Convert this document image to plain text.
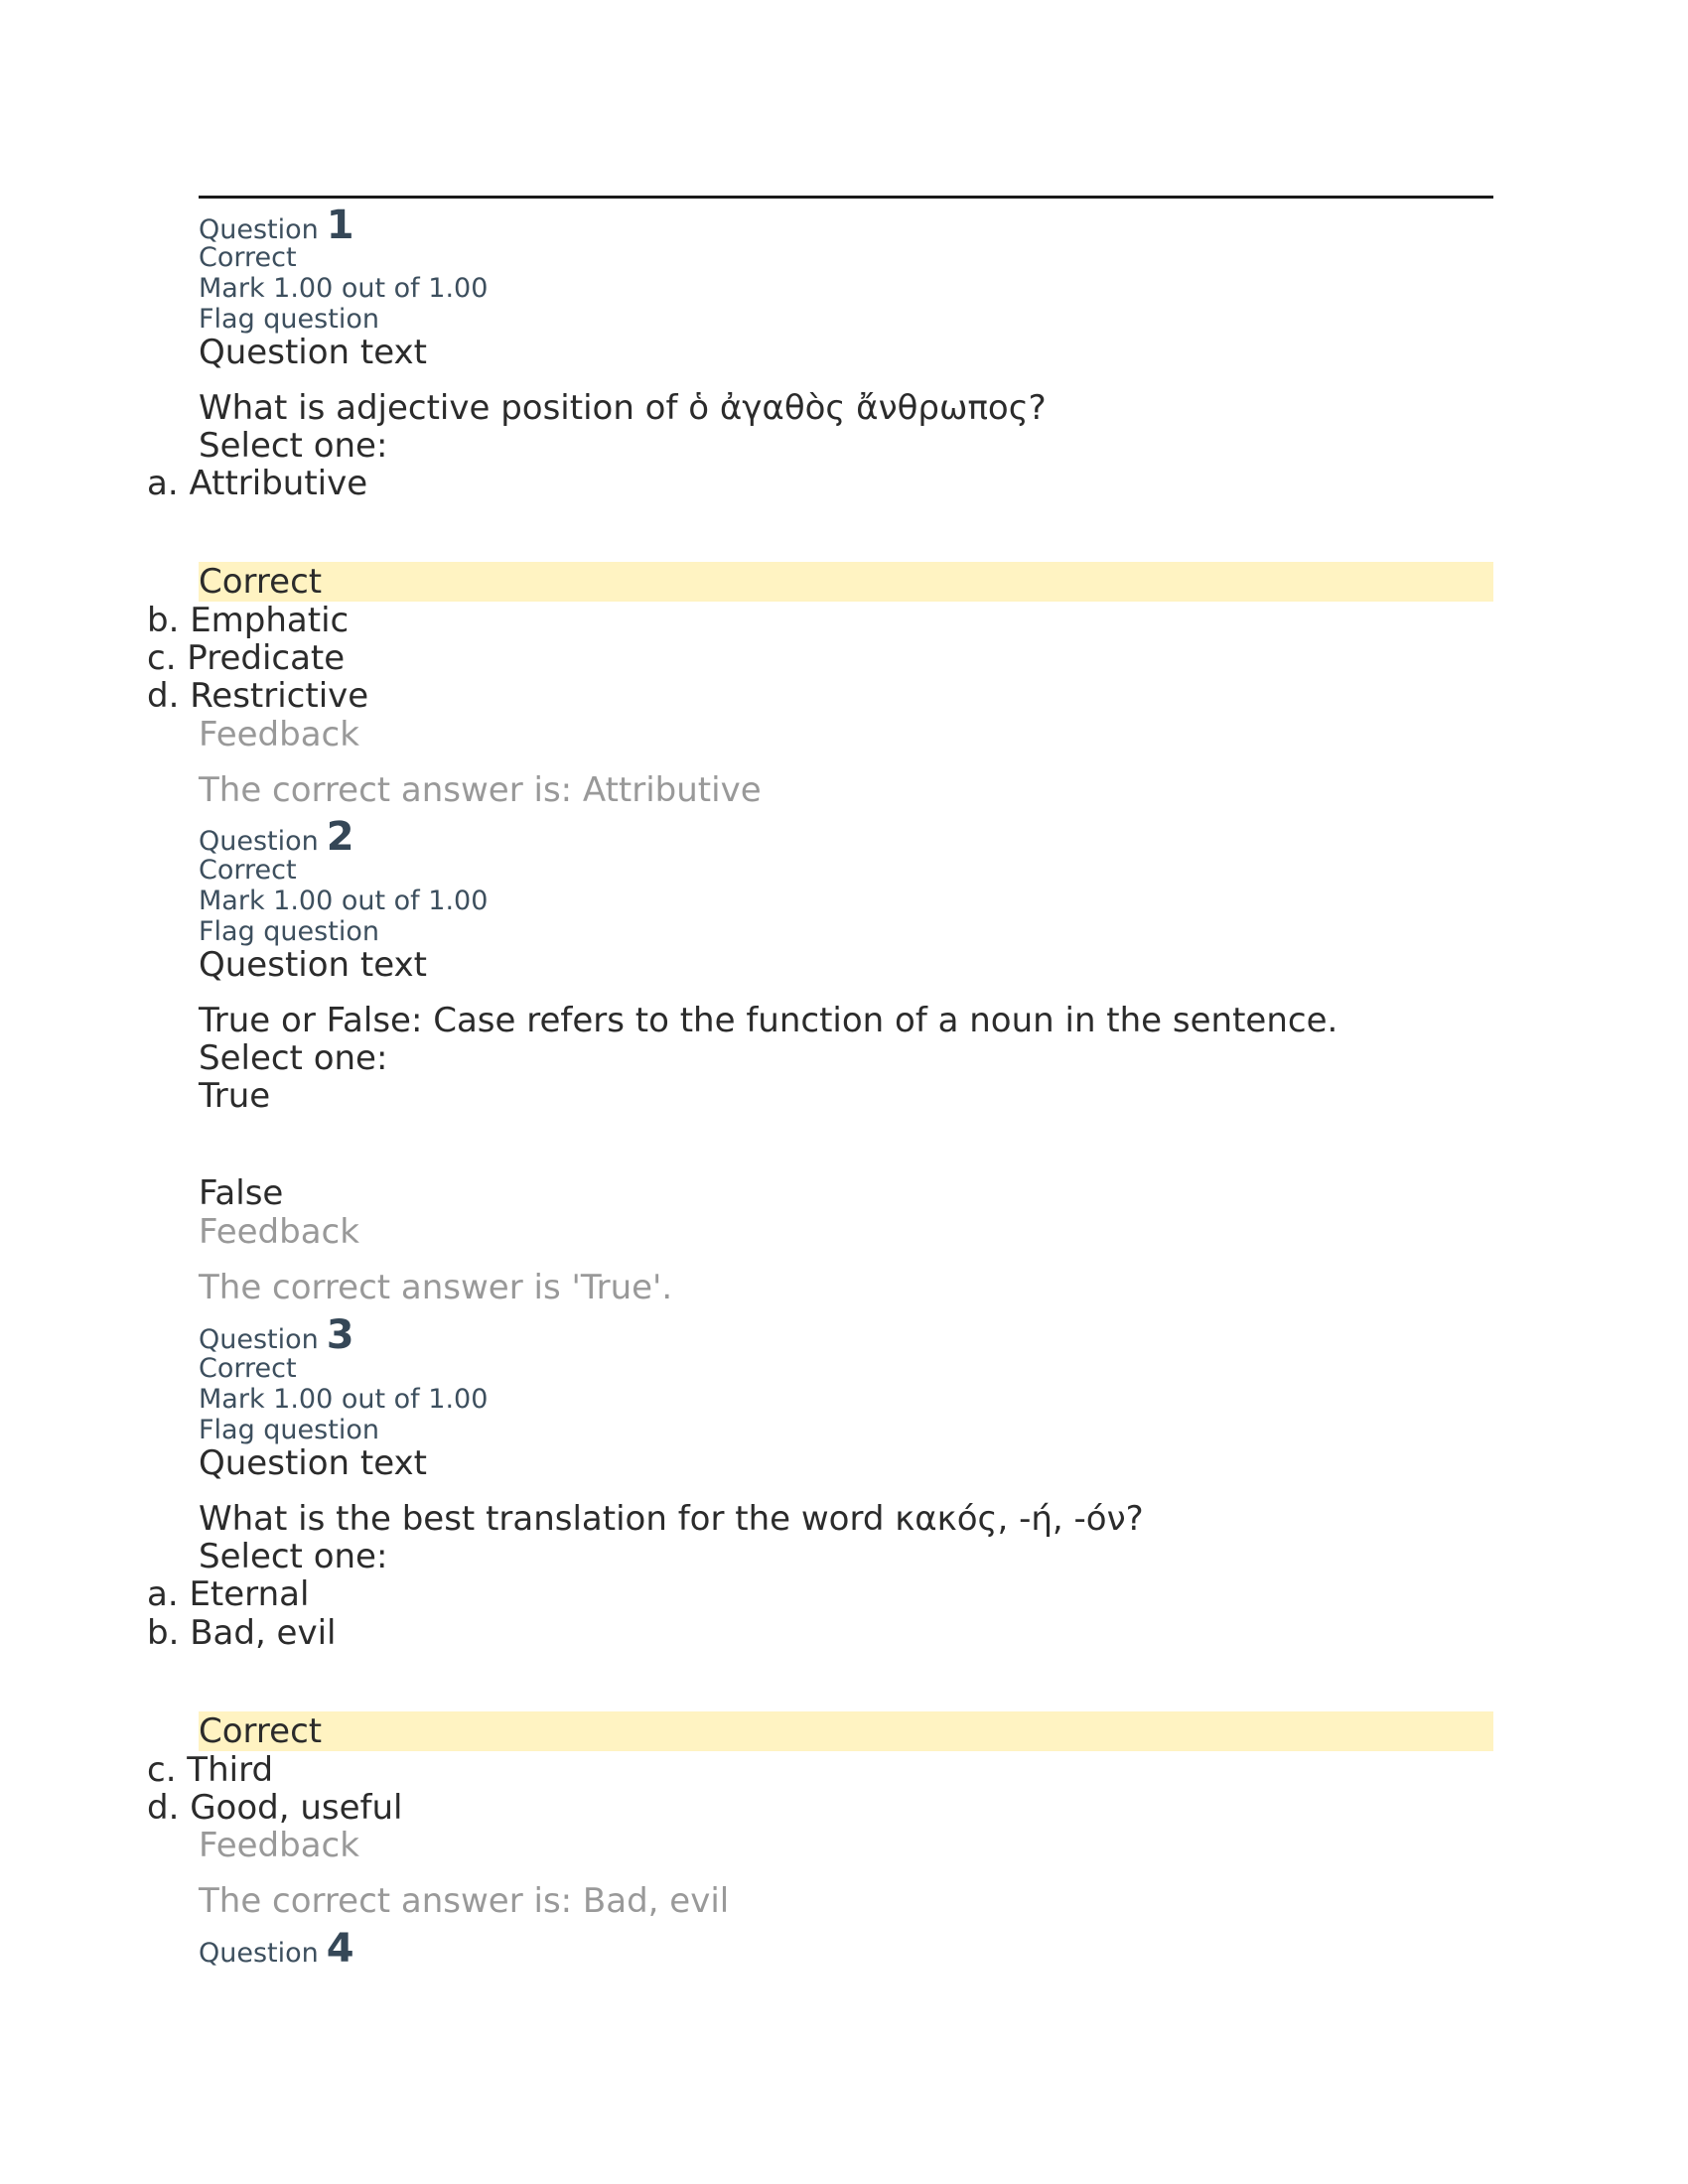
Question 1
Correct
Mark 1.00 out of 1.00
Flag question
Question text
What is adjective position of ὁ ἀγαθὸς ἄνθρωπος?
Select one:
a. Attributive
Correct
b. Emphatic
c. Predicate
d. Restrictive
Feedback
The correct answer is: Attributive
Question 2
Correct
Mark 1.00 out of 1.00
Flag question
Question text
True or False: Case refers to the function of a noun in the sentence.
Select one:
True
False
Feedback
The correct answer is 'True'.
Question 3
Correct
Mark 1.00 out of 1.00
Flag question
Question text
What is the best translation for the word κακός, -ή, -όν?
Select one:
a. Eternal
b. Bad, evil
Correct
c. Third
d. Good, useful
Feedback
The correct answer is: Bad, evil
Question 4
